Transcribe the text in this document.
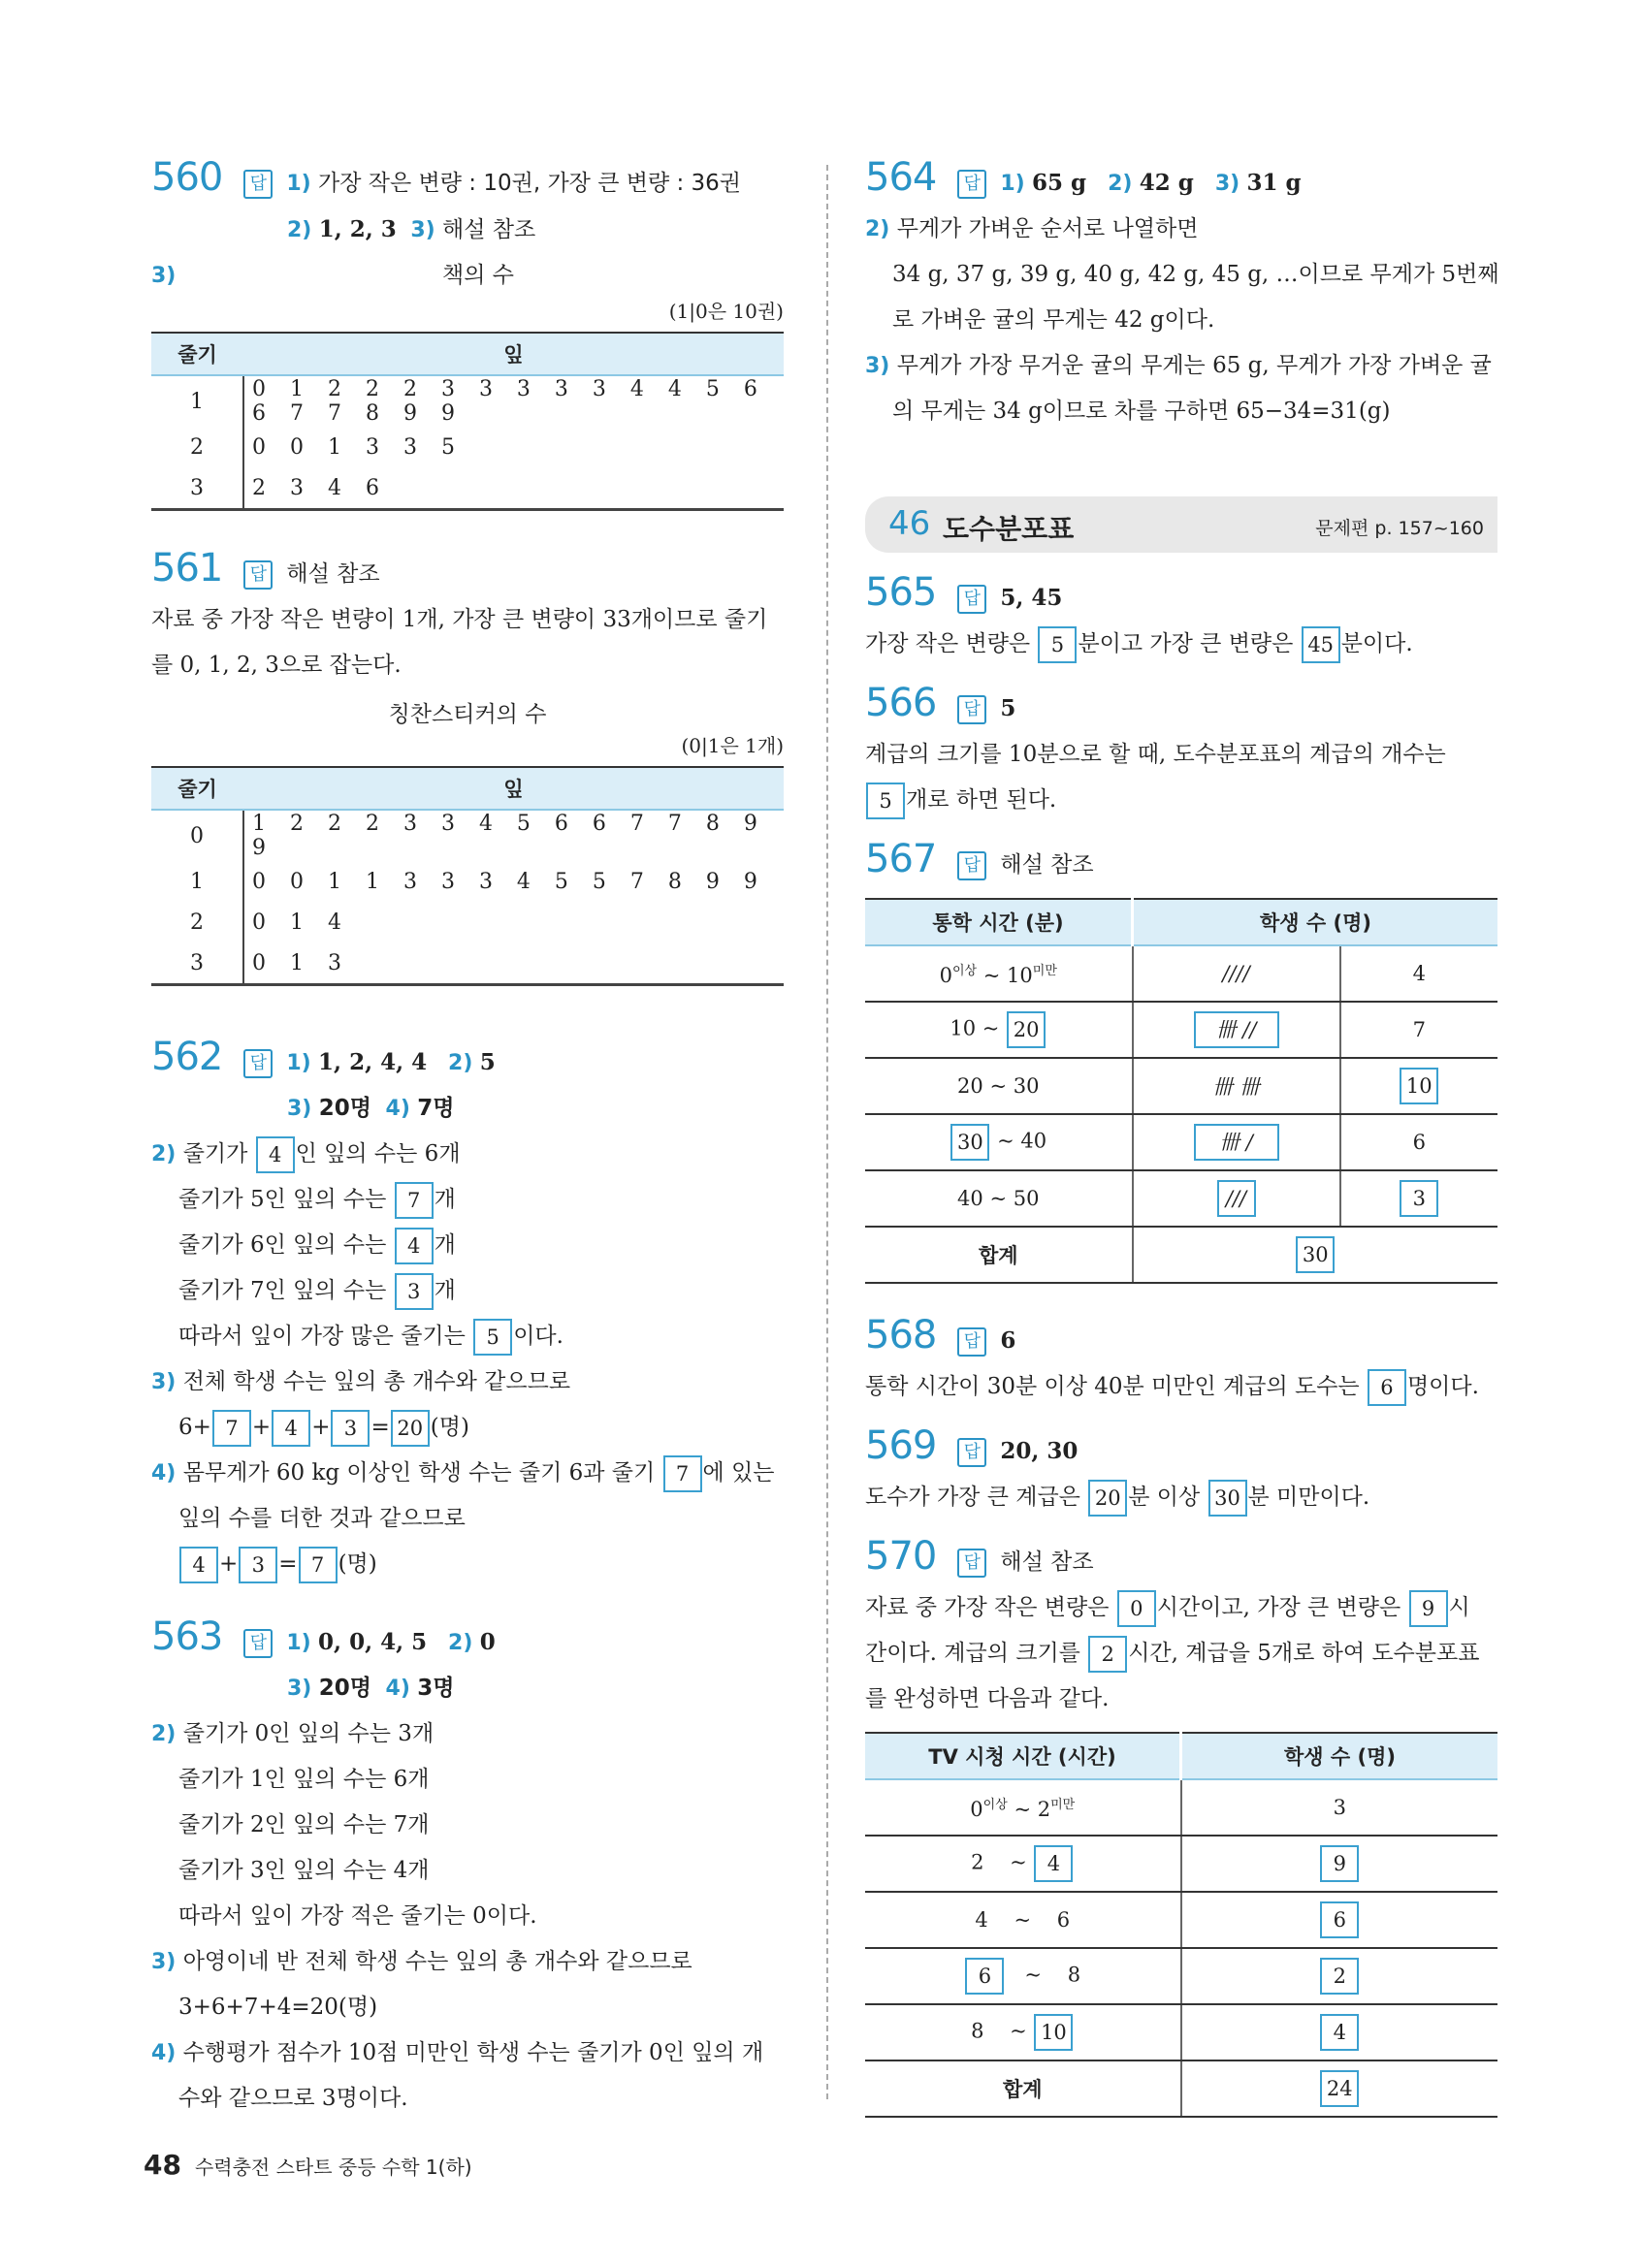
560 답 1) 가장 작은 변량 : 10권, 가장 큰 변량 : 36권
2) 1, 2, 3 3) 해설 참조
3)	책의 수
(1|0은 10권)
줄기	잎
1	0 1 2 2 2 3 3 3 3 3 4 4 5 6 6 7 7 8 9 9
2	0 0 1 3 3 5
3	2 3 4 6
561 답 해설 참조
자료 중 가장 작은 변량이 1개, 가장 큰 변량이 33개이므로 줄기
를 0, 1, 2, 3으로 잡는다.
칭찬스티커의 수
(0|1은 1개)
줄기	잎
0	1 2 2 2 3 3 4 5 6 6 7 7 8 9 9
1	0 0 1 1 3 3 3 4 5 5 7 8 9 9
2	0 1 4
3	0 1 3
562 답 1) 1, 2, 4, 4 2) 5
3) 20명 4) 7명
2) 줄기가 4 인 잎의 수는 6개
줄기가 5인 잎의 수는 7 개
줄기가 6인 잎의 수는 4 개
줄기가 7인 잎의 수는 3 개
따라서 잎이 가장 많은 줄기는 5 이다.
3) 전체 학생 수는 잎의 총 개수와 같으므로
6+ 7 + 4 + 3 = 20 (명)
4) 몸무게가 60 kg 이상인 학생 수는 줄기 6과 줄기 7 에 있는
잎의 수를 더한 것과 같으므로
4 + 3 = 7 (명)
563 답 1) 0, 0, 4, 5 2) 0
3) 20명 4) 3명
2) 줄기가 0인 잎의 수는 3개
줄기가 1인 잎의 수는 6개
줄기가 2인 잎의 수는 7개
줄기가 3인 잎의 수는 4개
따라서 잎이 가장 적은 줄기는 0이다.
3) 아영이네 반 전체 학생 수는 잎의 총 개수와 같으므로
3+6+7+4=20(명)
4) 수행평가 점수가 10점 미만인 학생 수는 줄기가 0인 잎의 개
수와 같으므로 3명이다.
564 답 1) 65 g 2) 42 g 3) 31 g
2) 무게가 가벼운 순서로 나열하면
34 g, 37 g, 39 g, 40 g, 42 g, 45 g, …이므로 무게가 5번째
로 가벼운 귤의 무게는 42 g이다.
3) 무게가 가장 무거운 귤의 무게는 65 g, 무게가 가장 가벼운 귤
의 무게는 34 g이므로 차를 구하면 65−34=31(g)
46 도수분포표	문제편 p. 157~160
565 답 5, 45
가장 작은 변량은 5 분이고 가장 큰 변량은 45 분이다.
566 답 5
계급의 크기를 10분으로 할 때, 도수분포표의 계급의 개수는
5 개로 하면 된다.
567 답 해설 참조
통학 시간 (분)	학생 수 (명)	
$0^{이상}$ ~ $10^{미만}$	////	4
10 ~ 20	卌 //	7
20 ~ 30	卌 卌	10
30 ~ 40	卌 /	6
40 ~ 50	///	3
합계	30	
568 답 6
통학 시간이 30분 이상 40분 미만인 계급의 도수는 6 명이다.
569 답 20, 30
도수가 가장 큰 계급은 20 분 이상 30 분 미만이다.
570 답 해설 참조
자료 중 가장 작은 변량은 0 시간이고, 가장 큰 변량은 9 시
간이다. 계급의 크기를 2 시간, 계급을 5개로 하여 도수분포표
를 완성하면 다음과 같다.
TV 시청 시간 (시간)	학생 수 (명)
$0^{이상}$ ~ $2^{미만}$	3
2 ~ 4	9
4 ~ 6	6
6 ~ 8	2
8 ~ 10	4
합계	24
48 수력충전 스타트 중등 수학 1(하)
